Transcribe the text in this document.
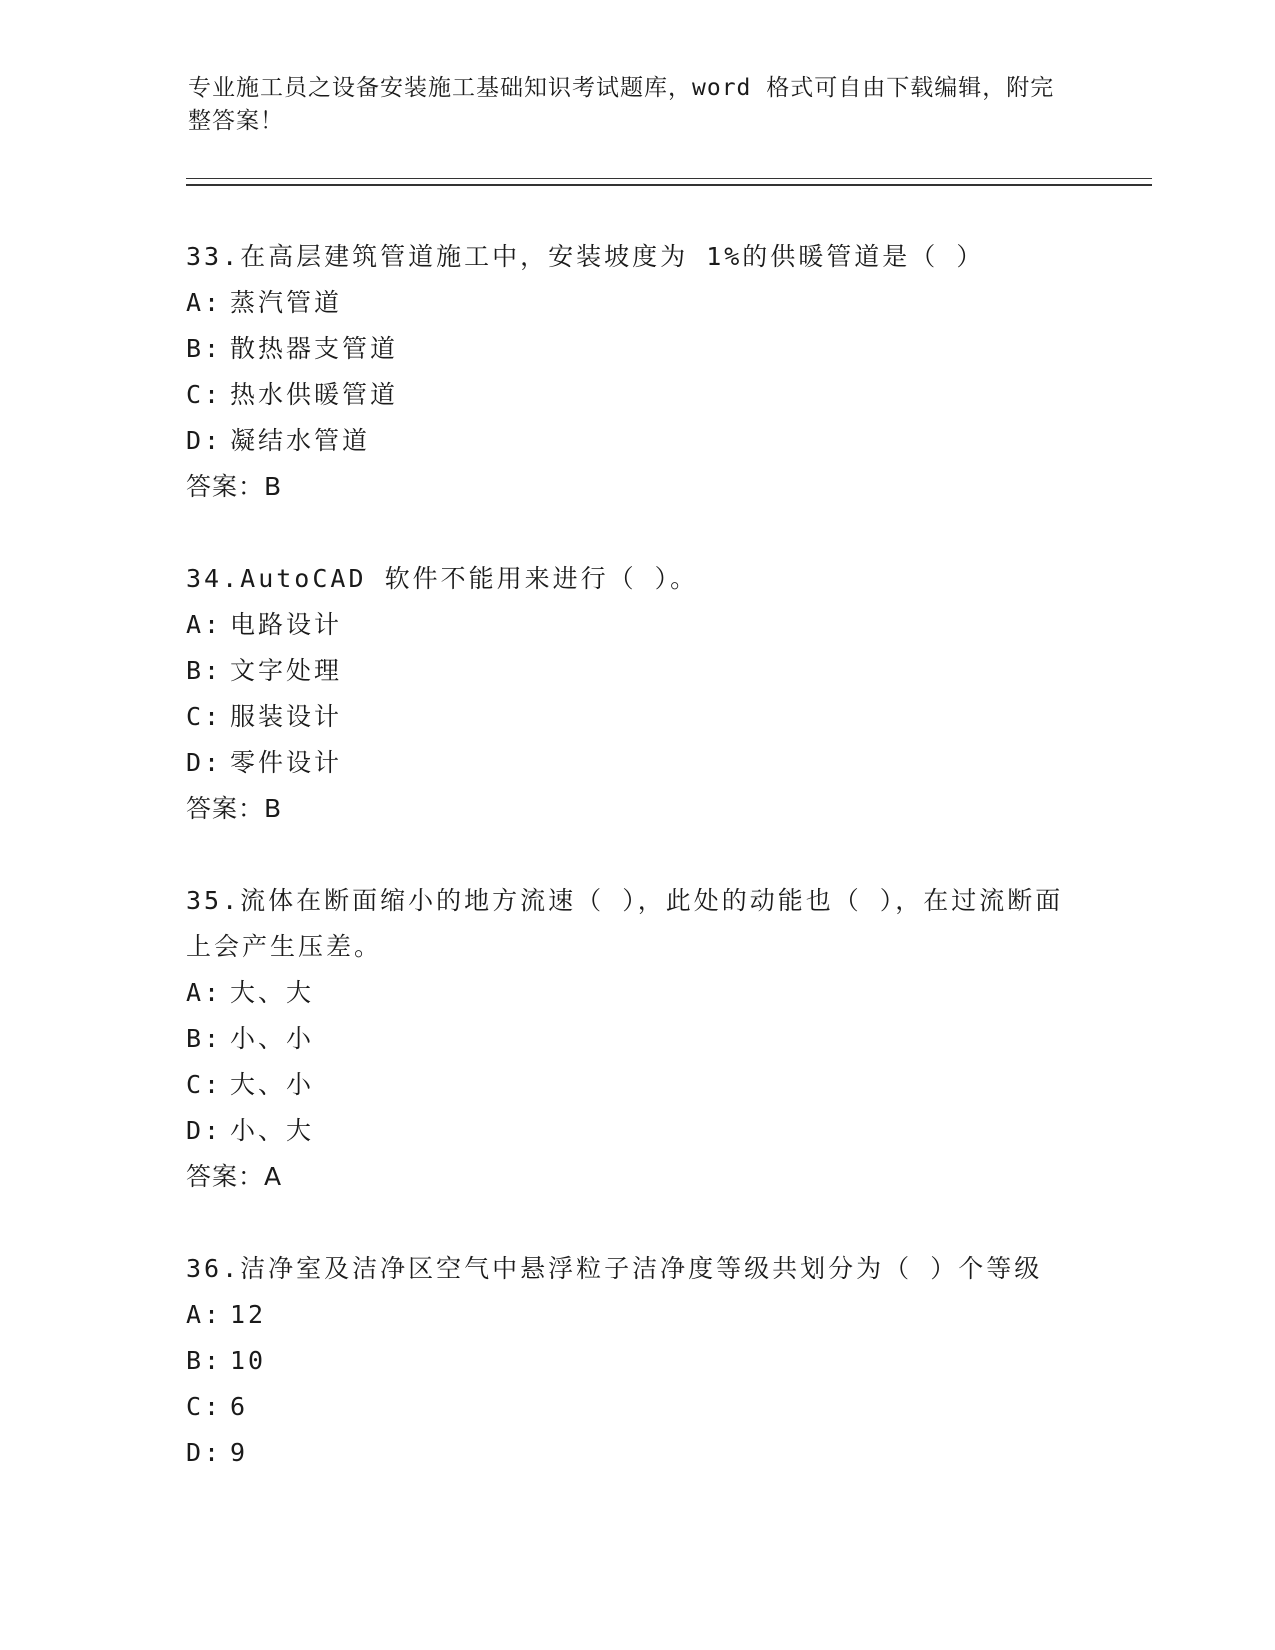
专业施工员之设备安装施工基础知识考试题库，word 格式可自由下载编辑，附完整答案！
33.在高层建筑管道施工中，安装坡度为 1%的供暖管道是（ ）
A: 蒸汽管道
B: 散热器支管道
C: 热水供暖管道
D: 凝结水管道
答案：B
34.AutoCAD 软件不能用来进行（ ）。
A: 电路设计
B: 文字处理
C: 服装设计
D: 零件设计
答案：B
35.流体在断面缩小的地方流速（ ），此处的动能也（ ），在过流断面上会产生压差。
A: 大、大
B: 小、小
C: 大、小
D: 小、大
答案：A
36.洁净室及洁净区空气中悬浮粒子洁净度等级共划分为（ ）个等级
A: 12
B: 10
C: 6
D: 9
